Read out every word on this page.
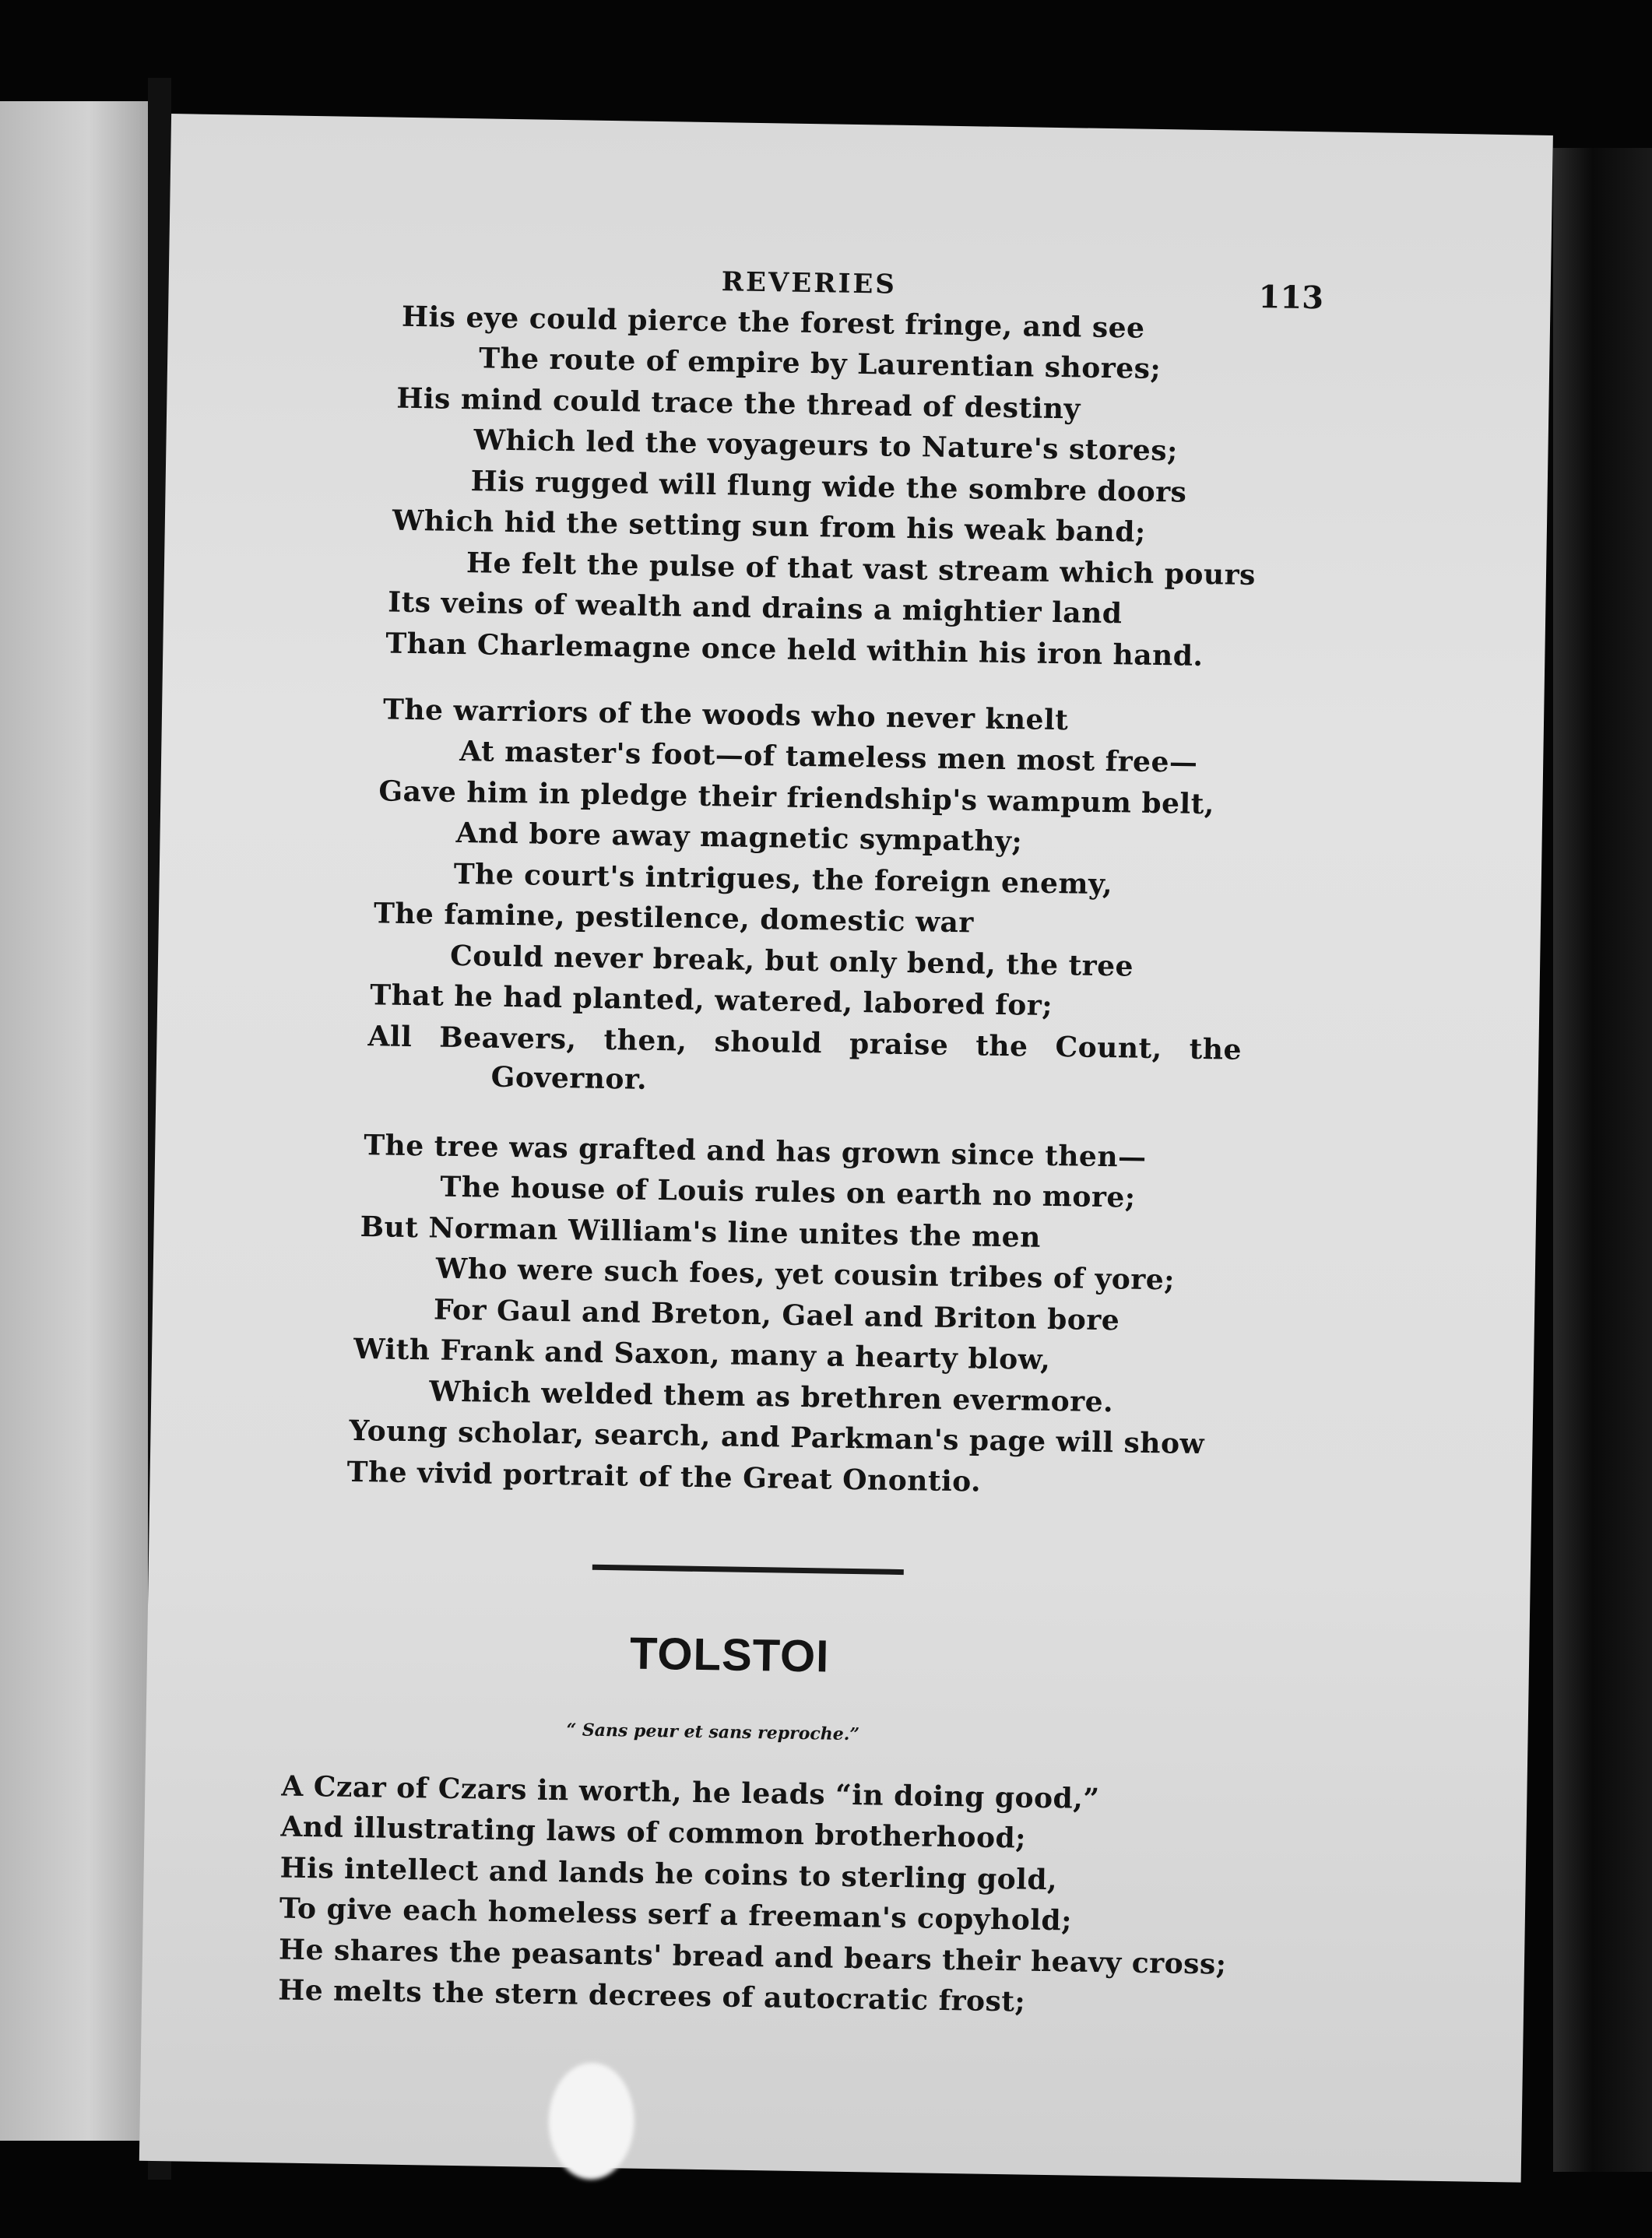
REVERIES	113

His eye could pierce the forest fringe, and see

The route of empire by Laurentian shores;

His mind could trace the thread of destiny

Which led the voyageurs to Nature's stores;

His rugged will flung wide the sombre doors

Which hid the setting sun from his weak band;

He felt the pulse of that vast stream which pours

Its veins of wealth and drains a mightier land

Than Charlemagne once held within his iron hand.

The warriors of the woods who never knelt

At master's foot—of tameless men most free—

Gave him in pledge their friendship's wampum belt,

And bore away magnetic sympathy;

The court's intrigues, the foreign enemy,

The famine, pestilence, domestic war

Could never break, but only bend, the tree

That he had planted, watered, labored for;

All Beavers, then, should praise the Count, the

Governor.

The tree was grafted and has grown since then—

The house of Louis rules on earth no more;

But Norman William's line unites the men

Who were such foes, yet cousin tribes of yore;

For Gaul and Breton, Gael and Briton bore

With Frank and Saxon, many a hearty blow,

Which welded them as brethren evermore.

Young scholar, search, and Parkman's page will show

The vivid portrait of the Great Onontio.

TOLSTOI

“ Sans peur et sans reproche.”

A Czar of Czars in worth, he leads “in doing good,”

And illustrating laws of common brotherhood;

His intellect and lands he coins to sterling gold,

To give each homeless serf a freeman's copyhold;

He shares the peasants' bread and bears their heavy cross;

He melts the stern decrees of autocratic frost;
